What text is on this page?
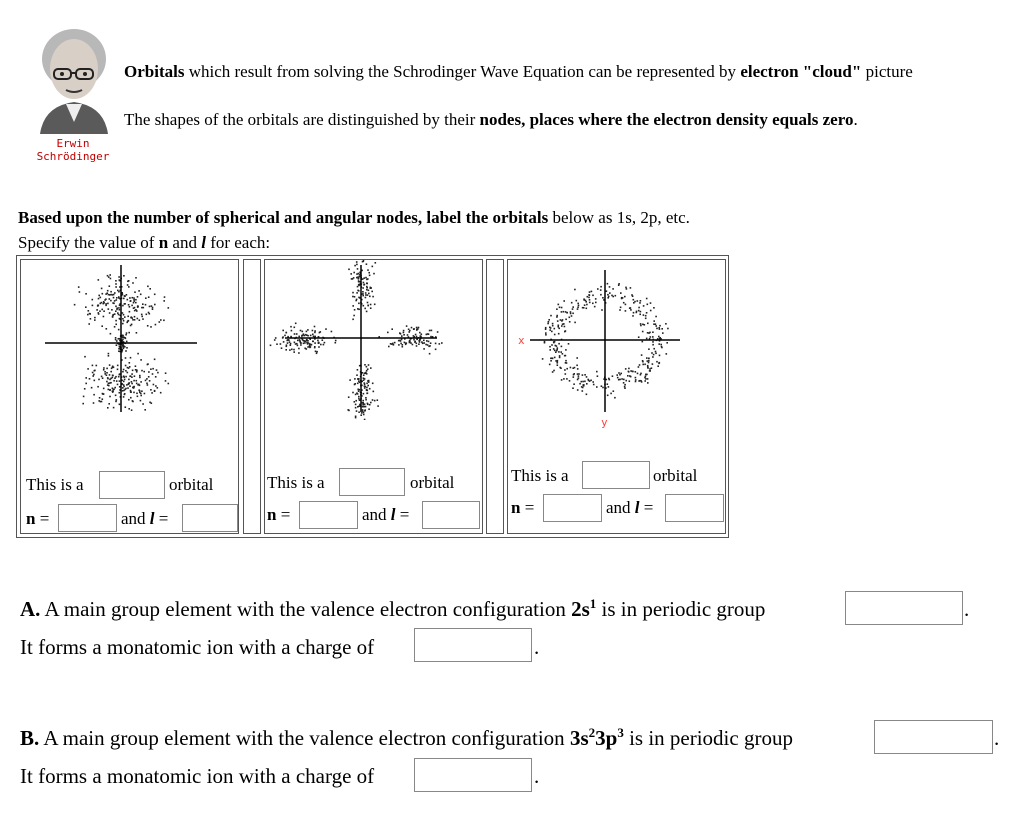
Erwin
Schrödinger
Orbitals which result from solving the Schrodinger Wave Equation can be represented by electron "cloud" picture
The shapes of the orbitals are distinguished by their nodes, places where the electron density equals zero.
Based upon the number of spherical and angular nodes, label the orbitals below as 1s, 2p, etc.
Specify the value of n and l for each:
This is a	orbital
n =	and l =
This is a	orbital
n =	and l =
x
y
This is a	orbital
n =	and l =
A. A main group element with the valence electron configuration $2s^1$ is in periodic group	.
It forms a monatomic ion with a charge of	.
B. A main group element with the valence electron configuration $3s^23p^3$ is in periodic group	.
It forms a monatomic ion with a charge of	.
